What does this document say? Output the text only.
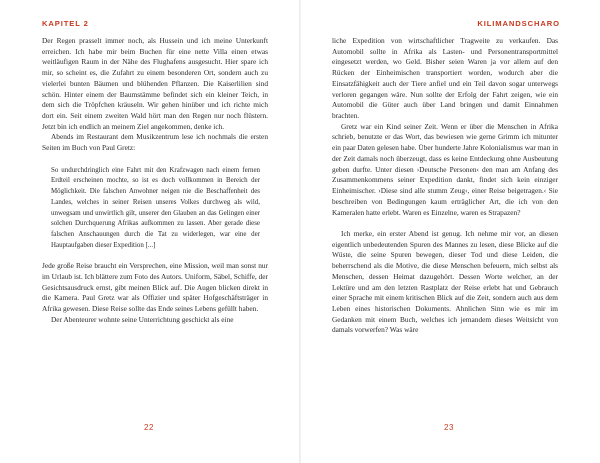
KAPITEL 2

Der Regen prasselt immer noch, als Hussein und ich meine Unterkunft erreichen. Ich habe mir beim Buchen für eine nette Villa einen etwas weitläufigen Raum in der Nähe des Flughafens ausgesucht. Hier spare ich mir, so scheint es, die Zufahrt zu einem besonderen Ort, sondern auch zu vielerlei bunten Bäumen und blühenden Pflanzen. Die Kaiserlilien sind schön. Hinter einem der Baumstämme befindet sich ein kleiner Teich, in dem sich die Tröpfchen kräuseln. Wir gehen hinüber und ich richte mich dort ein. Seit einem zweiten Wald hört man den Regen nur noch flüstern. Jetzt bin ich endlich an meinem Ziel angekommen, denke ich.

Abends im Restaurant dem Musikzentrum lese ich nochmals die ersten Seiten im Buch von Paul Gretz:

So undurchdringlich eine Fahrt mit den Krafzwagen nach einem fernen Erdteil erscheinen mochte, so ist es doch vollkommen in Bereich der Möglichkeit. Die falschen Anwohner neigen nie die Beschaffenheit des Landes, welches in seiner Reisen unseres Volkes durchweg als wild, unwegsam und unwirtlich gilt, unserer den Glauben an das Gelingen einer solchen Durchquerung Afrikas aufkommen zu lassen. Aber gerade diese falschen Anschauungen durch die Tat zu widerlegen, war eine der Hauptaufgaben dieser Expedition [...]

Jede große Reise braucht ein Versprechen, eine Mission, weil man sonst nur im Urlaub ist. Ich blättere zum Foto des Autors. Uniform, Säbel, Schiffe, der Gesichtsausdruck ernst, gibt meinen Blick auf. Die Augen blicken direkt in die Kamera. Paul Gretz war als Offizier und später Hofgeschäftsträger in Afrika gewesen. Diese Reise sollte das Ende seines Lebens gefüllt haben.

Der Abenteurer wohnte seine Unterrichtung geschickt als eine

22
KILIMANDSCHARO

liche Expedition von wirtschaftlicher Tragweite zu verkaufen. Das Automobil sollte in Afrika als Lasten- und Personentransportmittel eingesetzt werden, wo Geld. Bisher seien Waren ja vor allem auf den Rücken der Einheimischen transportiert worden, wodurch aber die Einsatzfähigkeit auch der Tiere anfiel und ein Teil davon sogar unterwegs verloren gegangen wäre. Nun sollte der Erfolg der Fahrt zeigen, wie ein Automobil die Güter auch über Land bringen und damit Einnahmen brachten.

Gretz war ein Kind seiner Zeit. Wenn er über die Menschen in Afrika schrieb, benutzte er das Wort, das bewiesen wie gerne Grimm ich mitunter ein paar Daten gelesen habe. Über hunderte Jahre Kolonialismus war man in der Zeit damals noch überzeugt, dass es keine Entdeckung ohne Ausbeutung geben durfte. Unter diesen ›Deutsche Personen‹ den man am Anfang des Zusammenkommens seiner Expedition dankt, findet sich kein einziger Einheimischer. ›Diese sind alle stumm Zeug‹, einer Reise beigetragen.‹ Sie beschreiben von Bedingungen kaum erträglicher Art, die ich von den Kameralen hatte erlebt. Waren es Einzelne, waren es Strapazen?

Ich merke, ein erster Abend ist genug. Ich nehme mir vor, an diesen eigentlich unbedeutenden Spuren des Mannes zu lesen, diese Blicke auf die Wüste, die seine Spuren bewegen, dieser Tod und diese Leiden, die beherrschend als die Motive, die diese Menschen befeuern, mich selbst als Menschen, dessen Heimat dazugehört. Dessen Worte welcher, an der Lektüre und am den letzten Rastplatz der Reise erlebt hat und Gebrauch einer Sprache mit einem kritischen Blick auf die Zeit, sondern auch aus dem Leben eines historischen Dokuments. Ahnlichen Sinn wie es mir im Gedanken mit einem Buch, welches ich jemandem dieses Weitsicht von damals vorwerfen? Was wäre

23
